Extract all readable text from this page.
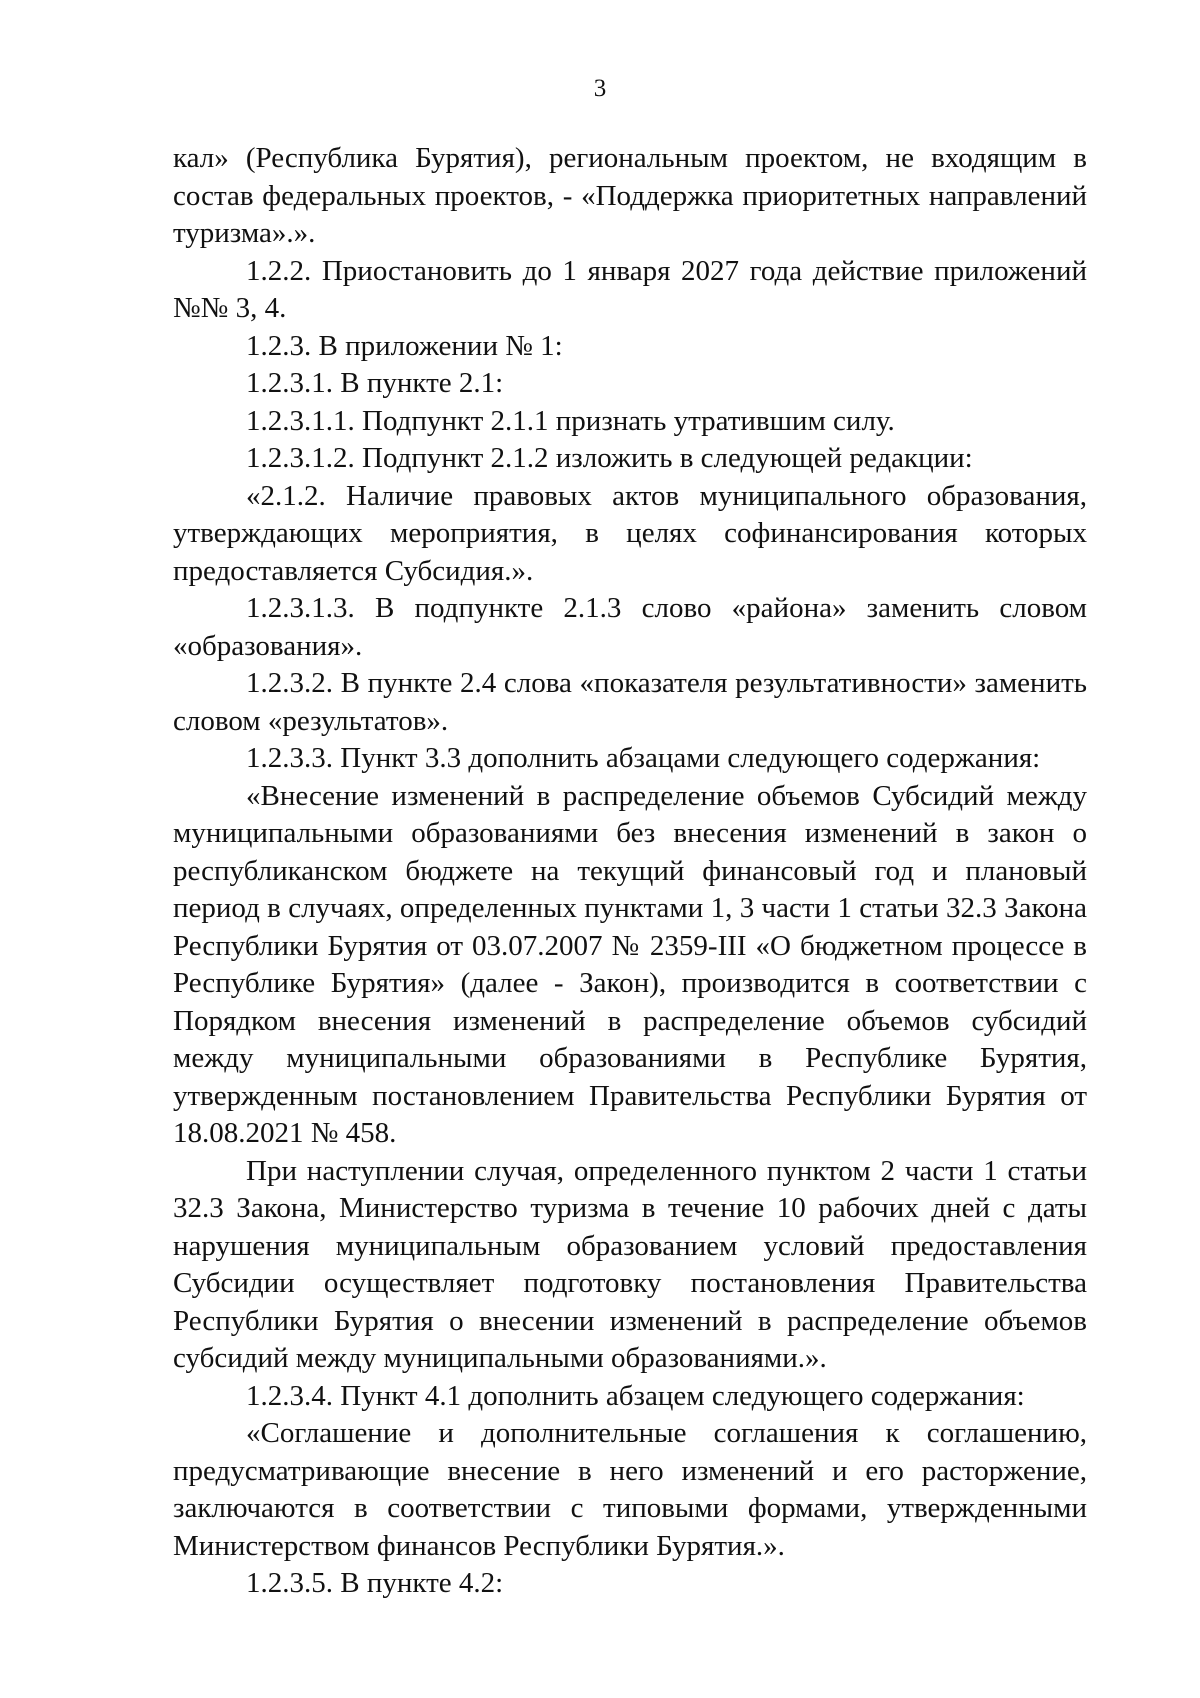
3

кал» (Республика Бурятия), региональным проектом, не входящим в состав федеральных проектов, - «Поддержка приоритетных направлений туризма».».

1.2.2. Приостановить до 1 января 2027 года действие приложений №№ 3, 4.

1.2.3. В приложении № 1:

1.2.3.1. В пункте 2.1:

1.2.3.1.1. Подпункт 2.1.1 признать утратившим силу.

1.2.3.1.2. Подпункт 2.1.2 изложить в следующей редакции:

«2.1.2. Наличие правовых актов муниципального образования, утверждающих мероприятия, в целях софинансирования которых предоставляется Субсидия.».

1.2.3.1.3. В подпункте 2.1.3 слово «района» заменить словом «образования».

1.2.3.2. В пункте 2.4 слова «показателя результативности» заменить словом «результатов».

1.2.3.3. Пункт 3.3 дополнить абзацами следующего содержания:

«Внесение изменений в распределение объемов Субсидий между муниципальными образованиями без внесения изменений в закон о республиканском бюджете на текущий финансовый год и плановый период в случаях, определенных пунктами 1, 3 части 1 статьи 32.3 Закона Республики Бурятия от 03.07.2007 № 2359-III «О бюджетном процессе в Республике Бурятия» (далее - Закон), производится в соответствии с Порядком внесения изменений в распределение объемов субсидий между муниципальными образованиями в Республике Бурятия, утвержденным постановлением Правительства Республики Бурятия от 18.08.2021 № 458.

При наступлении случая, определенного пунктом 2 части 1 статьи 32.3 Закона, Министерство туризма в течение 10 рабочих дней с даты нарушения муниципальным образованием условий предоставления Субсидии осуществляет подготовку постановления Правительства Республики Бурятия о внесении изменений в распределение объемов субсидий между муниципальными образованиями.».

1.2.3.4. Пункт 4.1 дополнить абзацем следующего содержания:

«Соглашение и дополнительные соглашения к соглашению, предусматривающие внесение в него изменений и его расторжение, заключаются в соответствии с типовыми формами, утвержденными Министерством финансов Республики Бурятия.».

1.2.3.5. В пункте 4.2:
